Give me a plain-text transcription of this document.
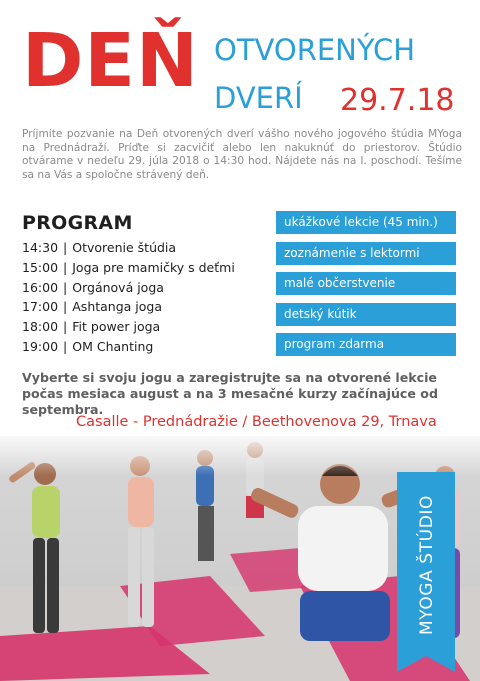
DEŇ OTVORENÝCH
DVERÍ 29.7.18

Príjmite pozvanie na Deň otvorených dverí vášho nového jogového štúdia MYoga na Prednádraží. Príďte si zacvičiť alebo len nakuknúť do priestorov. Štúdio otvárame v nedeľu 29. júla 2018 o 14:30 hod. Nájdete nás na I. poschodí. Tešíme sa na Vás a spoločne strávený deň.

PROGRAM
14:30 | Otvorenie štúdia
15:00 | Joga pre mamičky s deťmi
16:00 | Orgánová joga
17:00 | Ashtanga joga
18:00 | Fit power joga
19:00 | OM Chanting
ukážkové lekcie (45 min.)
zoznámenie s lektormi
malé občerstvenie
detský kútik
program zdarma

Vyberte si svoju jogu a zaregistrujte sa na otvorené lekcie počas mesiaca august a na 3 mesačné kurzy začínajúce od septembra.

Casalle - Prednádražie / Beethovenova 29, Trnava
MYOGA ŠTÚDIO
